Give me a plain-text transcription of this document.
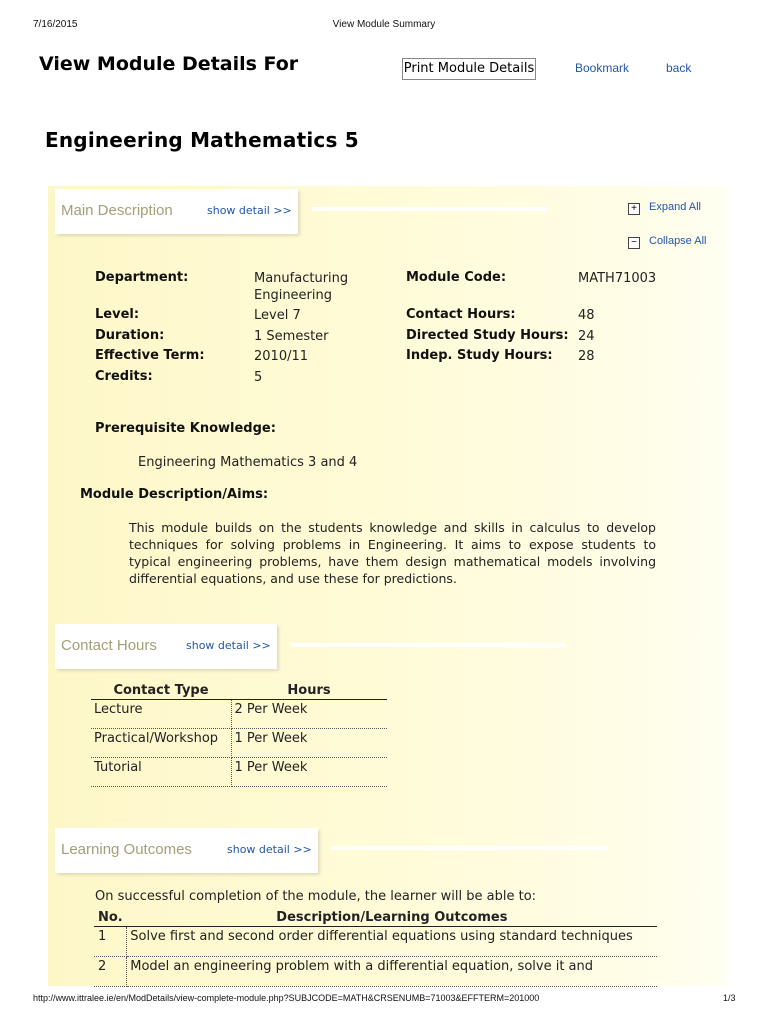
7/16/2015	View Module Summary
View Module Details For	Print Module Details	Bookmark	back
Engineering Mathematics 5
Main Description	show detail >>	+ Expand All
− Collapse All
Department:	Manufacturing Engineering
Level:	Level 7
Duration:	1 Semester
Effective Term:	2010/11
Credits:	5
Module Code:	MATH71003
Contact Hours:	48
Directed Study Hours: 24
Indep. Study Hours: 28
Prerequisite Knowledge:
Engineering Mathematics 3 and 4
Module Description/Aims:
This module builds on the students knowledge and skills in calculus to develop techniques for solving problems in Engineering. It aims to expose students to typical engineering problems, have them design mathematical models involving differential equations, and use these for predictions.
Contact Hours	show detail >>
Contact Type	Hours
Lecture	2 Per Week
Practical/Workshop	1 Per Week
Tutorial	1 Per Week
Learning Outcomes	show detail >>
On successful completion of the module, the learner will be able to:
No.	Description/Learning Outcomes
1	Solve first and second order differential equations using standard techniques
2	Model an engineering problem with a differential equation, solve it and
http://www.ittralee.ie/en/ModDetails/view-complete-module.php?SUBJCODE=MATH&CRSENUMB=71003&EFFTERM=201000	1/3
